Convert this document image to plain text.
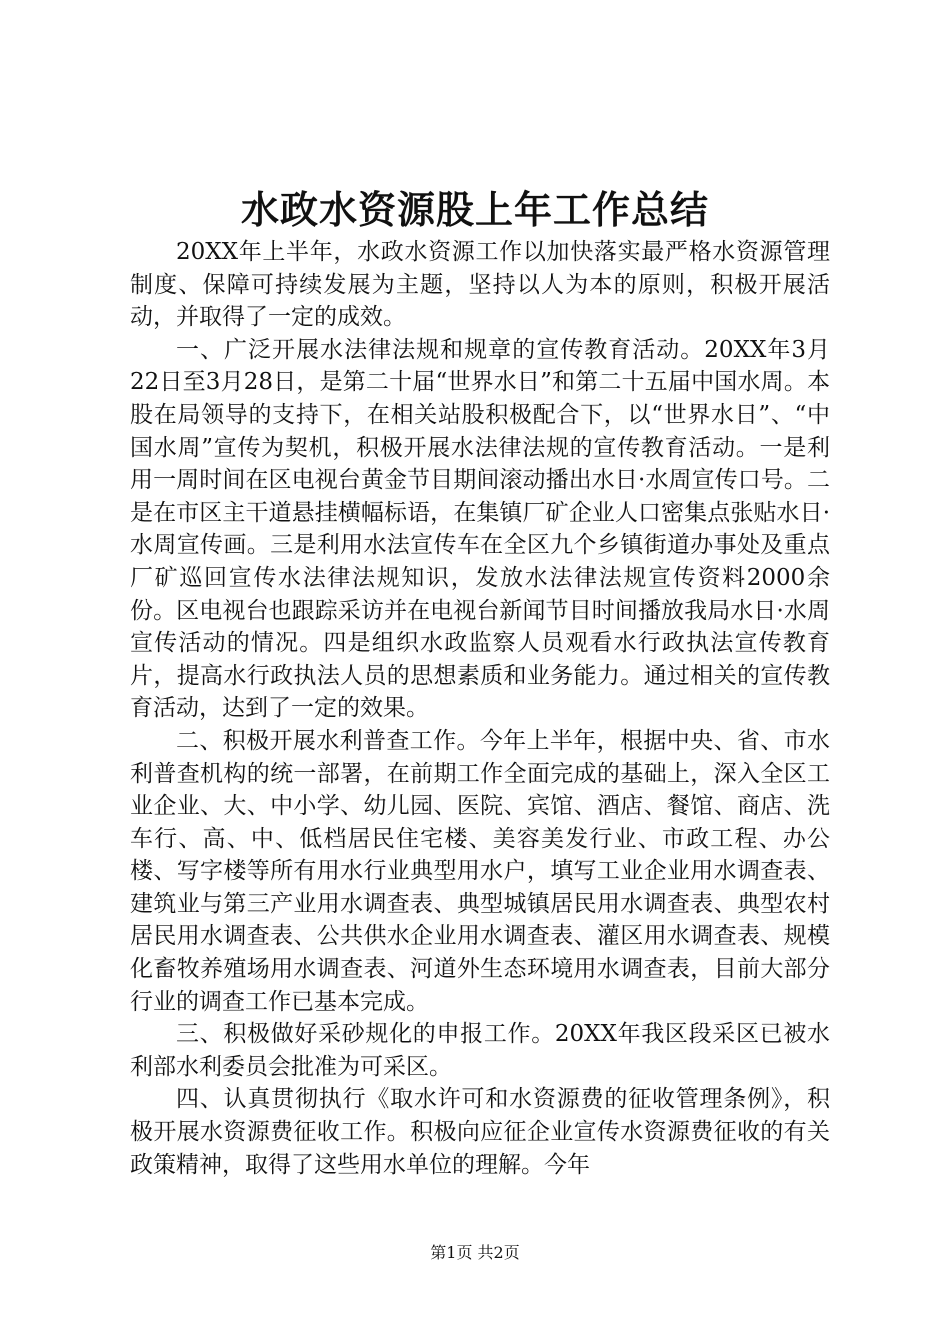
水政水资源股上年工作总结

20XX年上半年，水政水资源工作以加快落实最严格水资源管理制度、保障可持续发展为主题，坚持以人为本的原则，积极开展活动，并取得了一定的成效。

一、广泛开展水法律法规和规章的宣传教育活动。20XX年3月22日至3月28日，是第二十届“世界水日”和第二十五届中国水周。本股在局领导的支持下，在相关站股积极配合下，以“世界水日”、“中国水周”宣传为契机，积极开展水法律法规的宣传教育活动。一是利用一周时间在区电视台黄金节目期间滚动播出水日·水周宣传口号。二是在市区主干道悬挂横幅标语，在集镇厂矿企业人口密集点张贴水日·水周宣传画。三是利用水法宣传车在全区九个乡镇街道办事处及重点厂矿巡回宣传水法律法规知识，发放水法律法规宣传资料2000余份。区电视台也跟踪采访并在电视台新闻节目时间播放我局水日·水周宣传活动的情况。四是组织水政监察人员观看水行政执法宣传教育片，提高水行政执法人员的思想素质和业务能力。通过相关的宣传教育活动，达到了一定的效果。

二、积极开展水利普查工作。今年上半年，根据中央、省、市水利普查机构的统一部署，在前期工作全面完成的基础上，深入全区工业企业、大、中小学、幼儿园、医院、宾馆、酒店、餐馆、商店、洗车行、高、中、低档居民住宅楼、美容美发行业、市政工程、办公楼、写字楼等所有用水行业典型用水户，填写工业企业用水调查表、建筑业与第三产业用水调查表、典型城镇居民用水调查表、典型农村居民用水调查表、公共供水企业用水调查表、灌区用水调查表、规模化畜牧养殖场用水调查表、河道外生态环境用水调查表，目前大部分行业的调查工作已基本完成。

三、积极做好采砂规化的申报工作。20XX年我区段采区已被水利部水利委员会批准为可采区。

四、认真贯彻执行《取水许可和水资源费的征收管理条例》，积极开展水资源费征收工作。积极向应征企业宣传水资源费征收的有关政策精神，取得了这些用水单位的理解。今年

第1页 共2页
